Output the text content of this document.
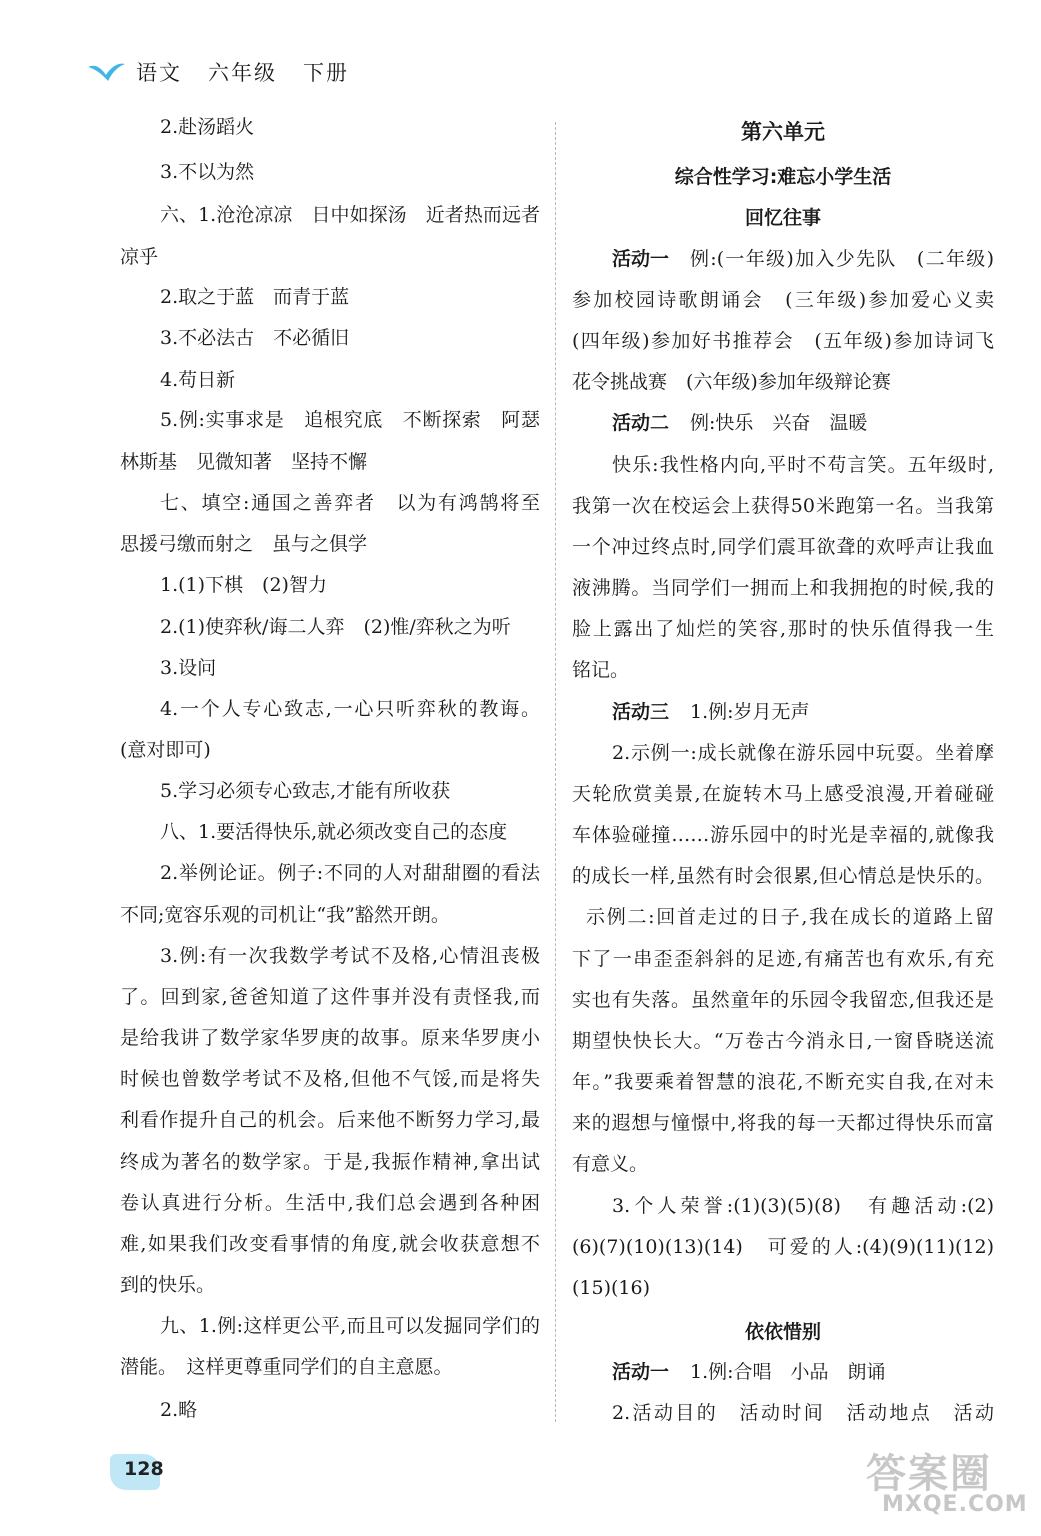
语文 六年级 下册
2.赴汤蹈火
3.不以为然
六、1.沧沧凉凉　日中如探汤　近者热而远者
凉乎
2.取之于蓝　而青于蓝
3.不必法古　不必循旧
4.苟日新
5.例:实事求是　追根究底　不断探索　阿瑟
林斯基　见微知著　坚持不懈
七、填空:通国之善弈者　以为有鸿鹄将至
思援弓缴而射之　虽与之俱学
1.(1)下棋　(2)智力
2.(1)使弈秋/诲二人弈　(2)惟/弈秋之为听
3.设问
4.一个人专心致志,一心只听弈秋的教诲。
(意对即可)
5.学习必须专心致志,才能有所收获
八、1.要活得快乐,就必须改变自己的态度
2.举例论证。例子:不同的人对甜甜圈的看法
不同;宽容乐观的司机让“我”豁然开朗。
3.例:有一次我数学考试不及格,心情沮丧极
了。回到家,爸爸知道了这件事并没有责怪我,而
是给我讲了数学家华罗庚的故事。原来华罗庚小
时候也曾数学考试不及格,但他不气馁,而是将失
利看作提升自己的机会。后来他不断努力学习,最
终成为著名的数学家。于是,我振作精神,拿出试
卷认真进行分析。生活中,我们总会遇到各种困
难,如果我们改变看事情的角度,就会收获意想不
到的快乐。
九、1.例:这样更公平,而且可以发掘同学们的
潜能。　这样更尊重同学们的自主意愿。
2.略
第六单元
综合性学习:难忘小学生活
回忆往事
活动一 例:(一年级)加入少先队　(二年级)
参加校园诗歌朗诵会　(三年级)参加爱心义卖
(四年级)参加好书推荐会　(五年级)参加诗词飞
花令挑战赛　(六年级)参加年级辩论赛
活动二 例:快乐　兴奋　温暖
快乐:我性格内向,平时不苟言笑。五年级时,
我第一次在校运会上获得50米跑第一名。当我第
一个冲过终点时,同学们震耳欲聋的欢呼声让我血
液沸腾。当同学们一拥而上和我拥抱的时候,我的
脸上露出了灿烂的笑容,那时的快乐值得我一生
铭记。
活动三 1.例:岁月无声
2.示例一:成长就像在游乐园中玩耍。坐着摩
天轮欣赏美景,在旋转木马上感受浪漫,开着碰碰
车体验碰撞……游乐园中的时光是幸福的,就像我
的成长一样,虽然有时会很累,但心情总是快乐的。
示例二:回首走过的日子,我在成长的道路上留
下了一串歪歪斜斜的足迹,有痛苦也有欢乐,有充
实也有失落。虽然童年的乐园令我留恋,但我还是
期望快快长大。“万卷古今消永日,一窗昏晓送流
年。”我要乘着智慧的浪花,不断充实自我,在对未
来的遐想与憧憬中,将我的每一天都过得快乐而富
有意义。
3.个人荣誉:(1)(3)(5)(8)　有趣活动:(2)
(6)(7)(10)(13)(14)　可爱的人:(4)(9)(11)(12)
(15)(16)
依依惜别
活动一 1.例:合唱　小品　朗诵
2.活动目的　活动时间　活动地点　活动
128	答案圈
MXQE.COM
